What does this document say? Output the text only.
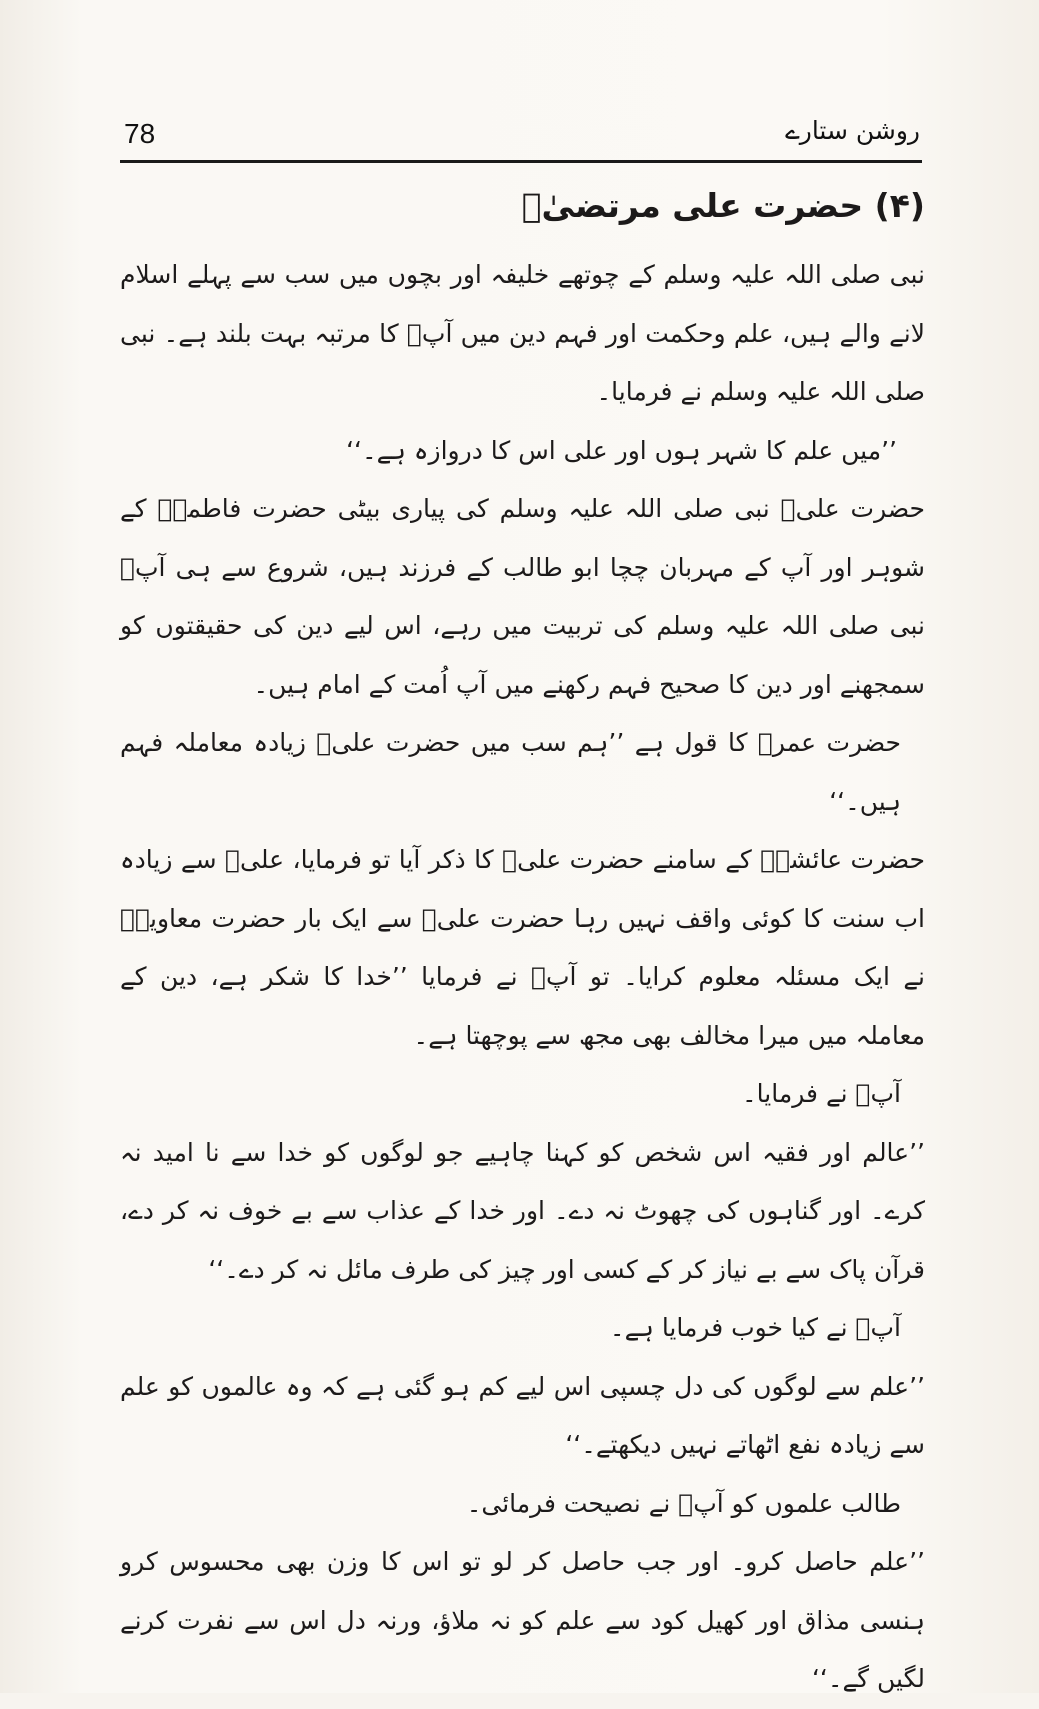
78	روشن ستارے
(۴) حضرت علی مرتضیٰؓ

نبی صلی اللہ علیہ وسلم کے چوتھے خلیفہ اور بچوں میں سب سے پہلے اسلام لانے والے ہیں، علم وحکمت اور فہم دین میں آپؓ کا مرتبہ بہت بلند ہے۔ نبی صلی اللہ علیہ وسلم نے فرمایا۔

’’میں علم کا شہر ہوں اور علی اس کا دروازہ ہے۔‘‘

حضرت علیؓ نبی صلی اللہ علیہ وسلم کی پیاری بیٹی حضرت فاطمہؓ کے شوہر اور آپ کے مہربان چچا ابو طالب کے فرزند ہیں، شروع سے ہی آپؓ نبی صلی اللہ علیہ وسلم کی تربیت میں رہے، اس لیے دین کی حقیقتوں کو سمجھنے اور دین کا صحیح فہم رکھنے میں آپ اُمت کے امام ہیں۔

حضرت عمرؓ کا قول ہے ’’ہم سب میں حضرت علیؓ زیادہ معاملہ فہم ہیں۔‘‘

حضرت عائشہؓ کے سامنے حضرت علیؓ کا ذکر آیا تو فرمایا، علیؓ سے زیادہ اب سنت کا کوئی واقف نہیں رہا حضرت علیؓ سے ایک بار حضرت معاویہؓ نے ایک مسئلہ معلوم کرایا۔ تو آپؓ نے فرمایا ’’خدا کا شکر ہے، دین کے معاملہ میں میرا مخالف بھی مجھ سے پوچھتا ہے۔

آپؓ نے فرمایا۔

’’عالم اور فقیہ اس شخص کو کہنا چاہیے جو لوگوں کو خدا سے نا امید نہ کرے۔ اور گناہوں کی چھوٹ نہ دے۔ اور خدا کے عذاب سے بے خوف نہ کر دے، قرآن پاک سے بے نیاز کر کے کسی اور چیز کی طرف مائل نہ کر دے۔‘‘

آپؓ نے کیا خوب فرمایا ہے۔

’’علم سے لوگوں کی دل چسپی اس لیے کم ہو گئی ہے کہ وہ عالموں کو علم سے زیادہ نفع اٹھاتے نہیں دیکھتے۔‘‘

طالب علموں کو آپؓ نے نصیحت فرمائی۔

’’علم حاصل کرو۔ اور جب حاصل کر لو تو اس کا وزن بھی محسوس کرو ہنسی مذاق اور کھیل کود سے علم کو نہ ملاؤ، ورنہ دل اس سے نفرت کرنے لگیں گے۔‘‘
